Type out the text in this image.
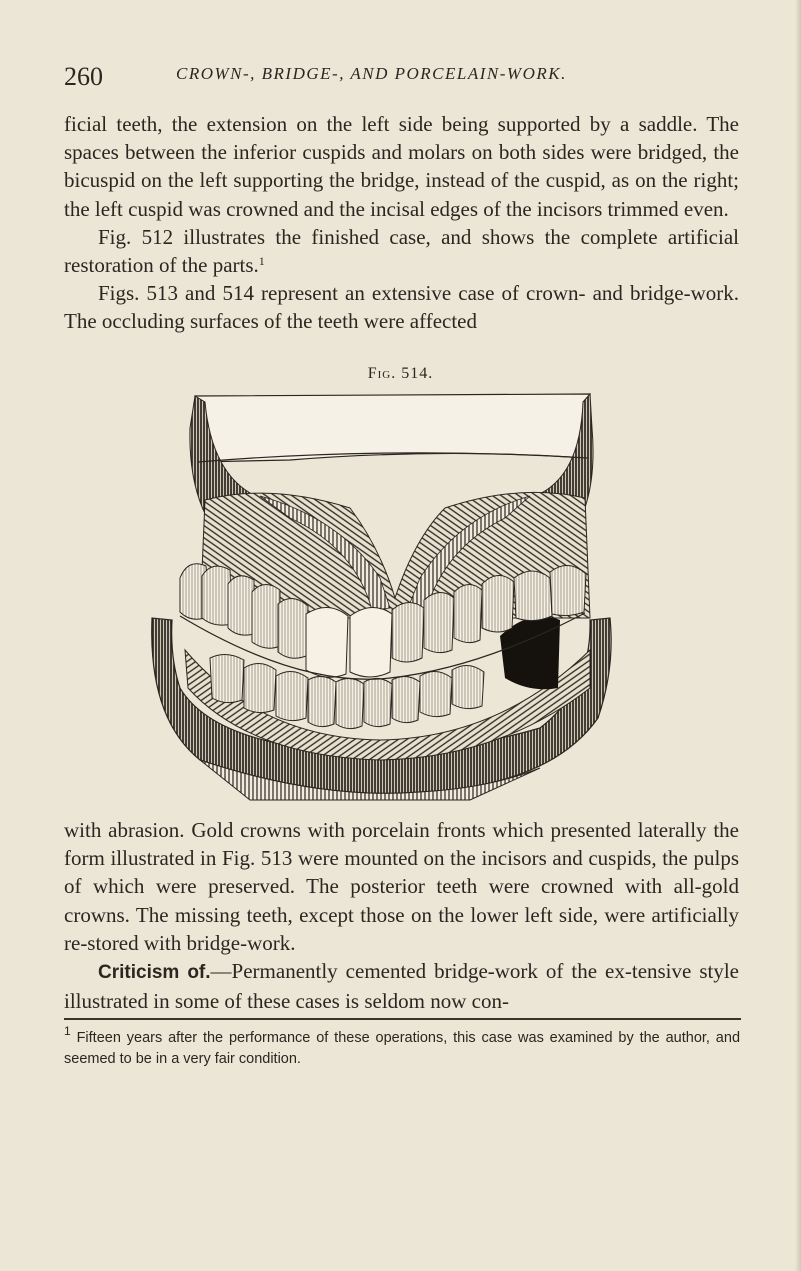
260	CROWN-, BRIDGE-, AND PORCELAIN-WORK.

ficial teeth, the extension on the left side being supported by a saddle. The spaces between the inferior cuspids and molars on both sides were bridged, the bicuspid on the left supporting the bridge, instead of the cuspid, as on the right; the left cuspid was crowned and the incisal edges of the incisors trimmed even.

Fig. 512 illustrates the finished case, and shows the complete artificial restoration of the parts.$^1$

Figs. 513 and 514 represent an extensive case of crown- and bridge-work. The occluding surfaces of the teeth were affected

Fig. 514.

with abrasion. Gold crowns with porcelain fronts which presented laterally the form illustrated in Fig. 513 were mounted on the incisors and cuspids, the pulps of which were preserved. The posterior teeth were crowned with all-gold crowns. The missing teeth, except those on the lower left side, were artificially re-stored with bridge-work.

Criticism of.—Permanently cemented bridge-work of the ex-tensive style illustrated in some of these cases is seldom now con-

$^1$ Fifteen years after the performance of these operations, this case was examined by the author, and seemed to be in a very fair condition.
